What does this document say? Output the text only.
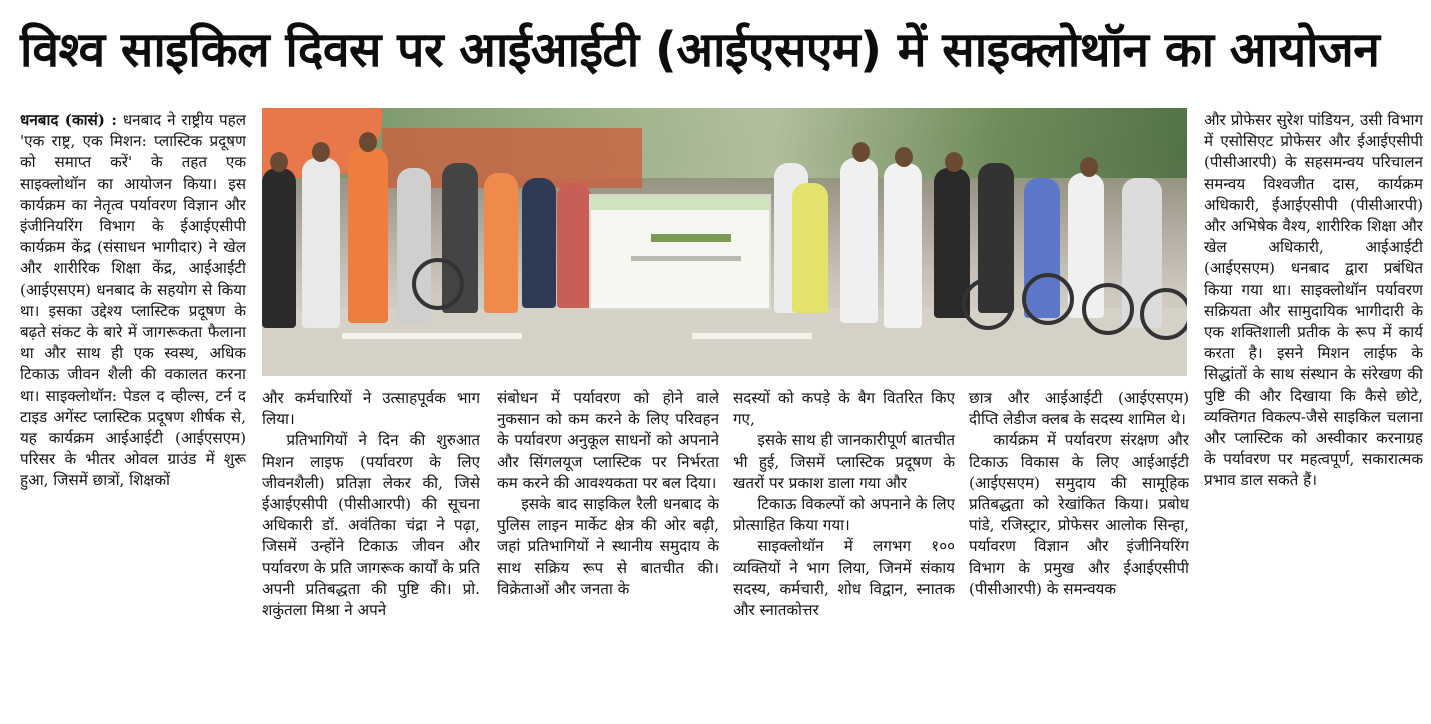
विश्व साइकिल दिवस पर आईआईटी (आईएसएम) में साइक्लोथॉन का आयोजन

धनबाद (कासं) : धनबाद ने राष्ट्रीय पहल 'एक राष्ट्र, एक मिशन: प्लास्टिक प्रदूषण को समाप्त करें' के तहत एक साइक्लोथॉन का आयोजन किया। इस कार्यक्रम का नेतृत्व पर्यावरण विज्ञान और इंजीनियरिंग विभाग के ईआईएसीपी कार्यक्रम केंद्र (संसाधन भागीदार) ने खेल और शारीरिक शिक्षा केंद्र, आईआईटी (आईएसएम) धनबाद के सहयोग से किया था। इसका उद्देश्य प्लास्टिक प्रदूषण के बढ़ते संकट के बारे में जागरूकता फैलाना था और साथ ही एक स्वस्थ, अधिक टिकाऊ जीवन शैली की वकालत करना था। साइक्लोथॉन: पेडल द व्हील्स, टर्न द टाइड अगेंस्ट प्लास्टिक प्रदूषण शीर्षक से, यह कार्यक्रम आईआईटी (आईएसएम) परिसर के भीतर ओवल ग्राउंड में शुरू हुआ, जिसमें छात्रों, शिक्षकों

और कर्मचारियों ने उत्साहपूर्वक भाग लिया।

प्रतिभागियों ने दिन की शुरुआत मिशन लाइफ (पर्यावरण के लिए जीवनशैली) प्रतिज्ञा लेकर की, जिसे ईआईएसीपी (पीसीआरपी) की सूचना अधिकारी डॉ. अवंतिका चंद्रा ने पढ़ा, जिसमें उन्होंने टिकाऊ जीवन और पर्यावरण के प्रति जागरूक कार्यों के प्रति अपनी प्रतिबद्धता की पुष्टि की। प्रो. शकुंतला मिश्रा ने अपने

संबोधन में पर्यावरण को होने वाले नुकसान को कम करने के लिए परिवहन के पर्यावरण अनुकूल साधनों को अपनाने और सिंगलयूज प्लास्टिक पर निर्भरता कम करने की आवश्यकता पर बल दिया।

इसके बाद साइकिल रैली धनबाद के पुलिस लाइन मार्केट क्षेत्र की ओर बढ़ी, जहां प्रतिभागियों ने स्थानीय समुदाय के साथ सक्रिय रूप से बातचीत की। विक्रेताओं और जनता के

सदस्यों को कपड़े के बैग वितरित किए गए,

इसके साथ ही जानकारीपूर्ण बातचीत भी हुई, जिसमें प्लास्टिक प्रदूषण के खतरों पर प्रकाश डाला गया और

टिकाऊ विकल्पों को अपनाने के लिए प्रोत्साहित किया गया।

साइक्लोथॉन में लगभग १०० व्यक्तियों ने भाग लिया, जिनमें संकाय सदस्य, कर्मचारी, शोध विद्वान, स्नातक और स्नातकोत्तर

छात्र और आईआईटी (आईएसएम) दीप्ति लेडीज क्लब के सदस्य शामिल थे।

कार्यक्रम में पर्यावरण संरक्षण और टिकाऊ विकास के लिए आईआईटी (आईएसएम) समुदाय की सामूहिक प्रतिबद्धता को रेखांकित किया। प्रबोध पांडे, रजिस्ट्रार, प्रोफेसर आलोक सिन्हा, पर्यावरण विज्ञान और इंजीनियरिंग विभाग के प्रमुख और ईआईएसीपी (पीसीआरपी) के समन्वयक

और प्रोफेसर सुरेश पांडियन, उसी विभाग में एसोसिएट प्रोफेसर और ईआईएसीपी (पीसीआरपी) के सहसमन्वय परिचालन समन्वय विश्वजीत दास, कार्यक्रम अधिकारी, ईआईएसीपी (पीसीआरपी) और अभिषेक वैश्य, शारीरिक शिक्षा और खेल अधिकारी, आईआईटी (आईएसएम) धनबाद द्वारा प्रबंधित किया गया था। साइक्लोथॉन पर्यावरण सक्रियता और सामुदायिक भागीदारी के एक शक्तिशाली प्रतीक के रूप में कार्य करता है। इसने मिशन लाईफ के सिद्धांतों के साथ संस्थान के संरेखण की पुष्टि की और दिखाया कि कैसे छोटे, व्यक्तिगत विकल्प-जैसे साइकिल चलाना और प्लास्टिक को अस्वीकार करनाग्रह के पर्यावरण पर महत्वपूर्ण, सकारात्मक प्रभाव डाल सकते हैं।
